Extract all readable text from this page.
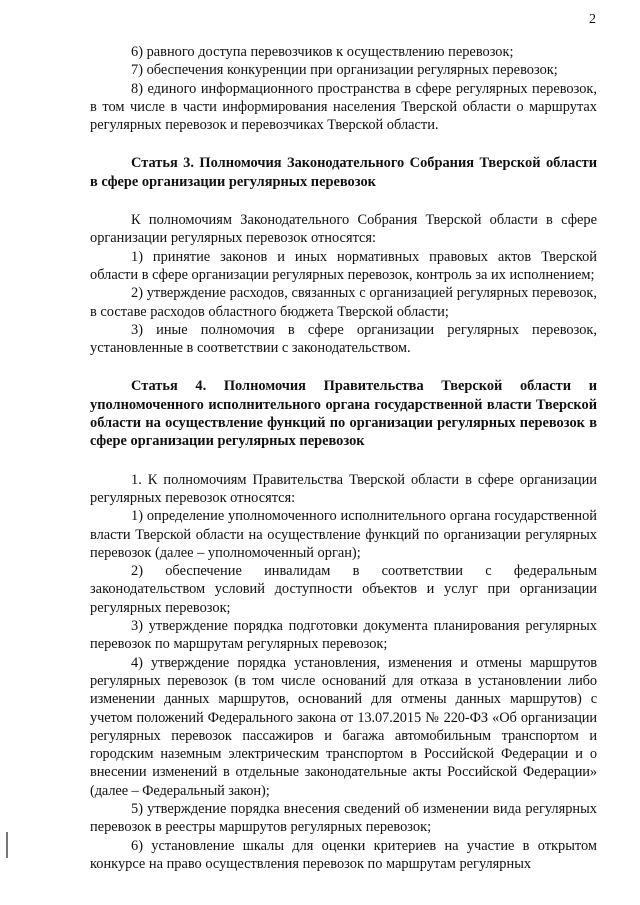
2

6) равного доступа перевозчиков к осуществлению перевозок;

7) обеспечения конкуренции при организации регулярных перевозок;

8) единого информационного пространства в сфере регулярных перевозок, в том числе в части информирования населения Тверской области о маршрутах регулярных перевозок и перевозчиках Тверской области.

Статья 3. Полномочия Законодательного Собрания Тверской области в сфере организации регулярных перевозок

К полномочиям Законодательного Собрания Тверской области в сфере организации регулярных перевозок относятся:

1) принятие законов и иных нормативных правовых актов Тверской области в сфере организации регулярных перевозок, контроль за их исполнением;

2) утверждение расходов, связанных с организацией регулярных перевозок, в составе расходов областного бюджета Тверской области;

3) иные полномочия в сфере организации регулярных перевозок, установленные в соответствии с законодательством.

Статья 4. Полномочия Правительства Тверской области и уполномоченного исполнительного органа государственной власти Тверской области на осуществление функций по организации регулярных перевозок в сфере организации регулярных перевозок

1. К полномочиям Правительства Тверской области в сфере организации регулярных перевозок относятся:

1) определение уполномоченного исполнительного органа государственной власти Тверской области на осуществление функций по организации регулярных перевозок (далее – уполномоченный орган);

2) обеспечение инвалидам в соответствии с федеральным законодательством условий доступности объектов и услуг при организации регулярных перевозок;

3) утверждение порядка подготовки документа планирования регулярных перевозок по маршрутам регулярных перевозок;

4) утверждение порядка установления, изменения и отмены маршрутов регулярных перевозок (в том числе оснований для отказа в установлении либо изменении данных маршрутов, оснований для отмены данных маршрутов) с учетом положений Федерального закона от 13.07.2015 № 220-ФЗ «Об организации регулярных перевозок пассажиров и багажа автомобильным транспортом и городским наземным электрическим транспортом в Российской Федерации и о внесении изменений в отдельные законодательные акты Российской Федерации» (далее – Федеральный закон);

5) утверждение порядка внесения сведений об изменении вида регулярных перевозок в реестры маршрутов регулярных перевозок;

6) установление шкалы для оценки критериев на участие в открытом конкурсе на право осуществления перевозок по маршрутам регулярных
